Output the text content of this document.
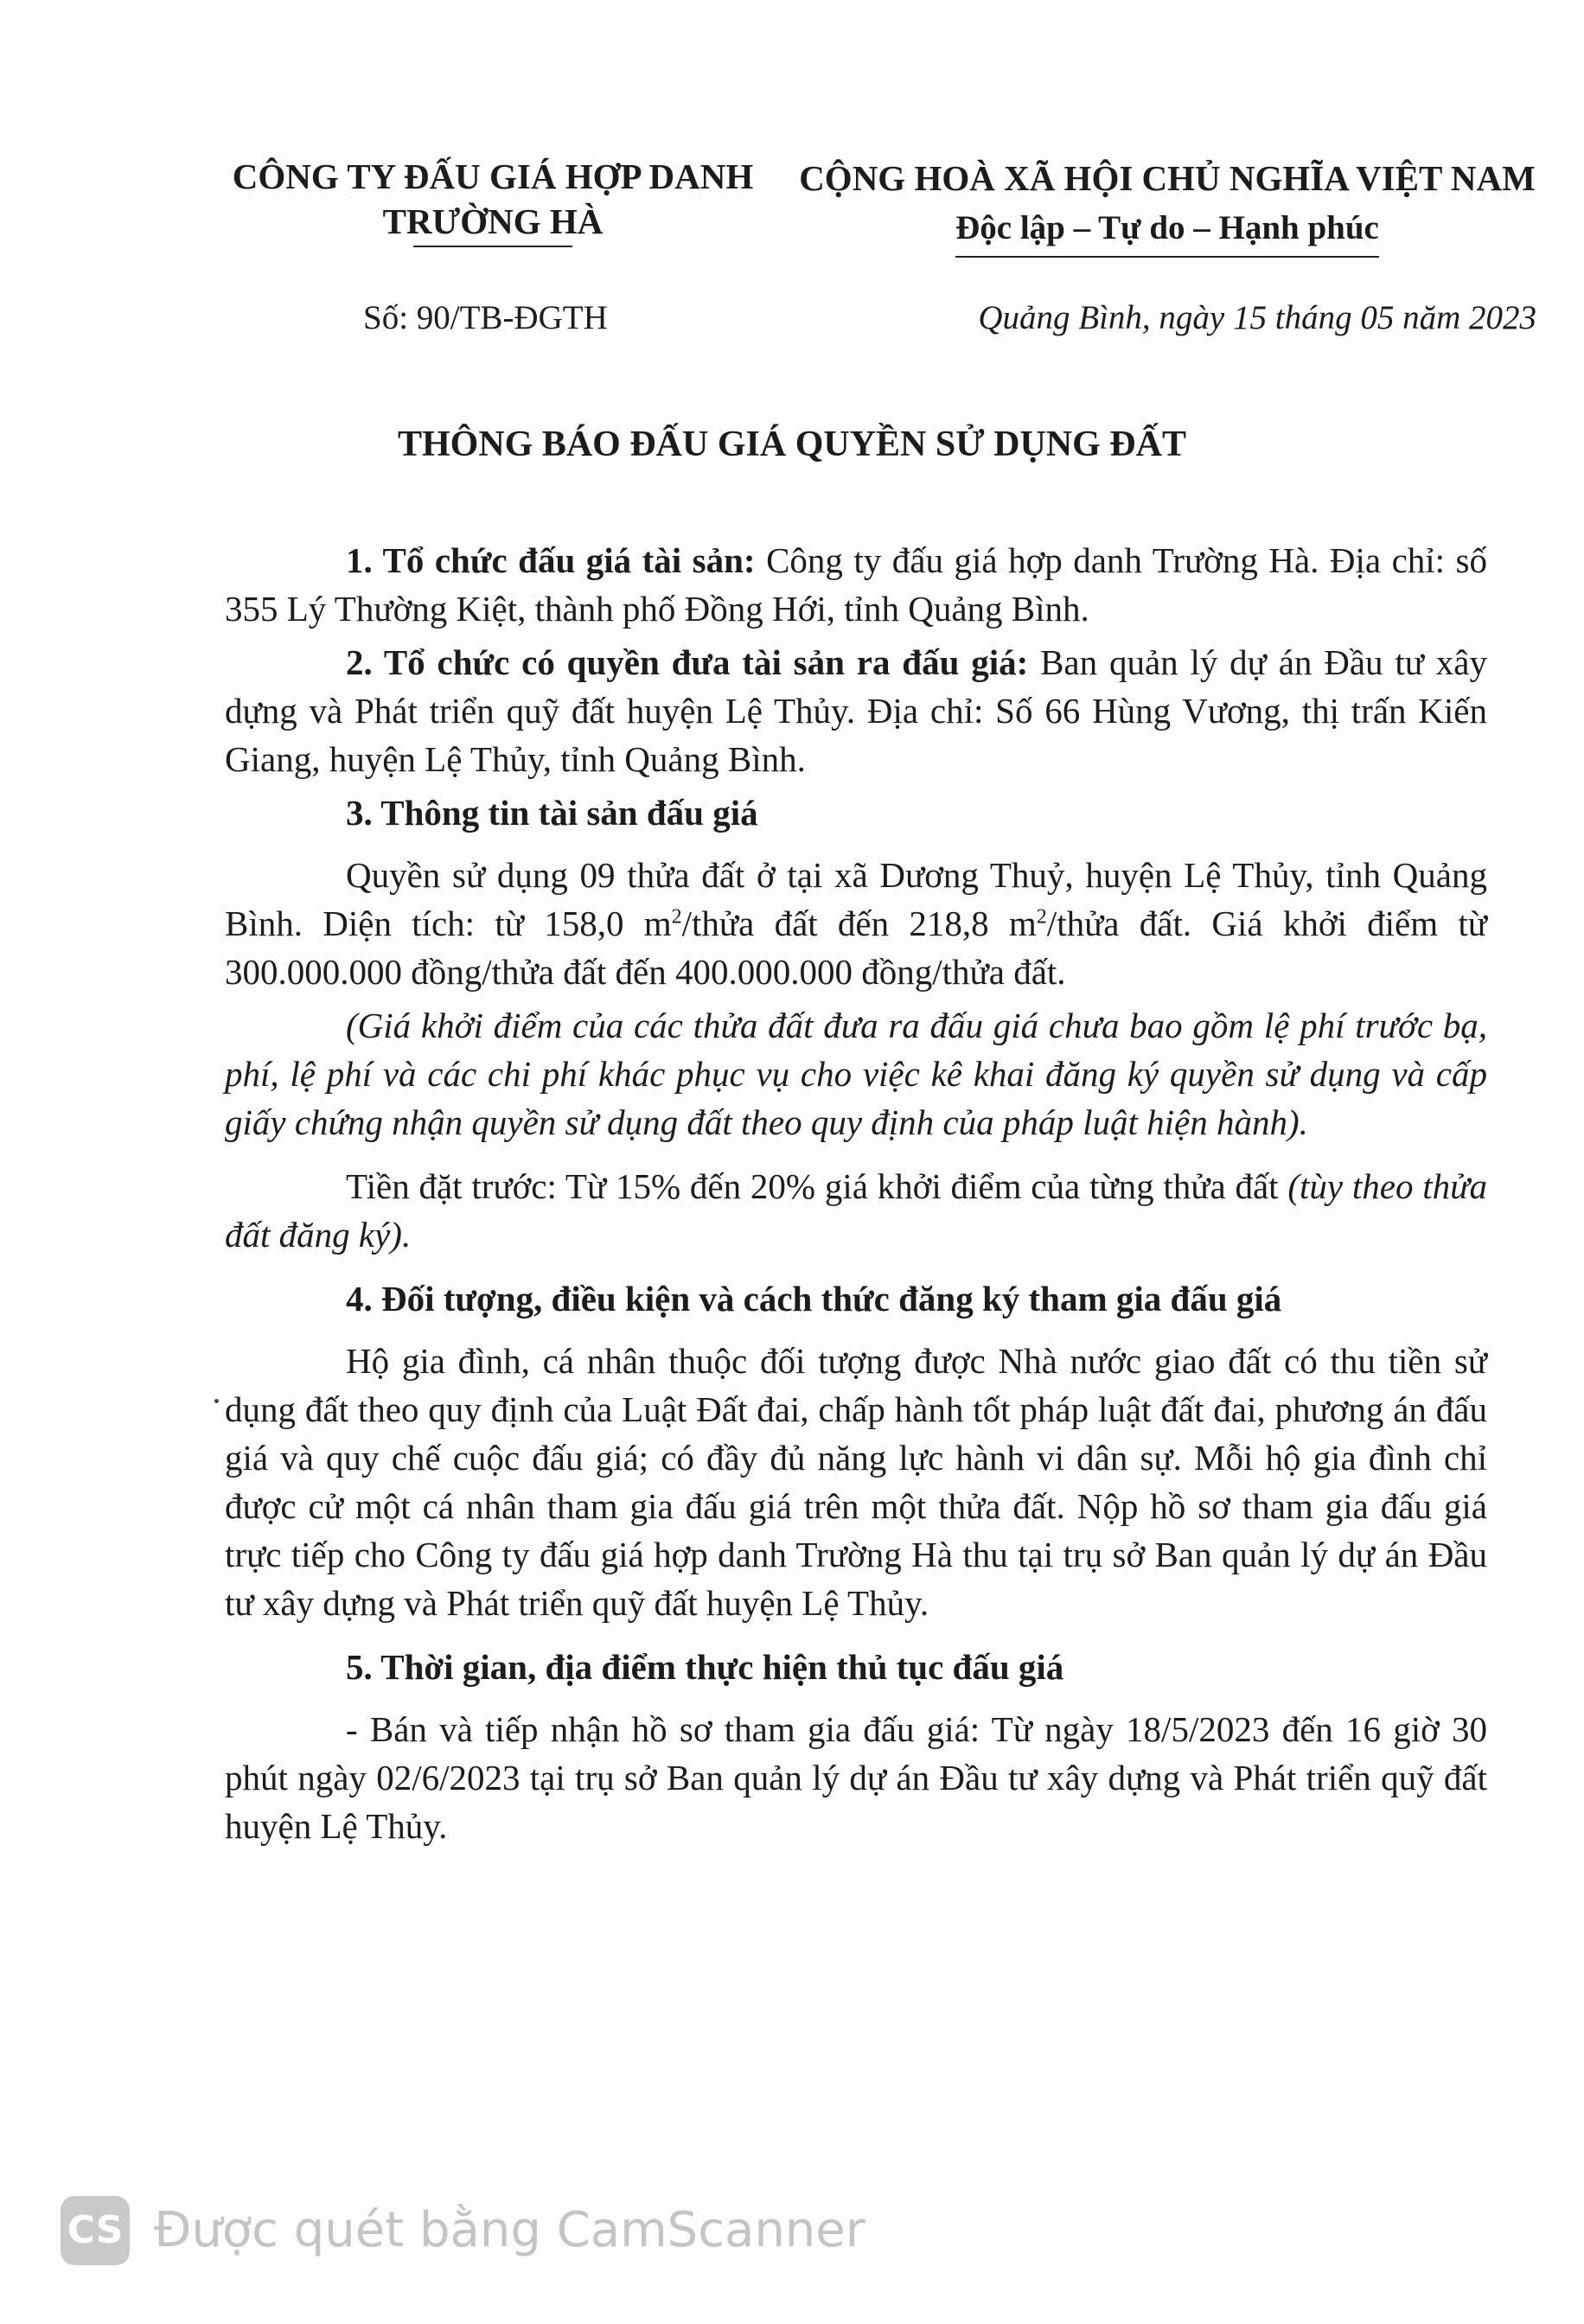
CÔNG TY ĐẤU GIÁ HỢP DANH
TRƯỜNG HÀ
CỘNG HOÀ XÃ HỘI CHỦ NGHĨA VIỆT NAM
Độc lập – Tự do – Hạnh phúc
Số: 90/TB-ĐGTH	Quảng Bình, ngày 15 tháng 05 năm 2023
THÔNG BÁO ĐẤU GIÁ QUYỀN SỬ DỤNG ĐẤT

1. Tổ chức đấu giá tài sản: Công ty đấu giá hợp danh Trường Hà. Địa chỉ: số 355 Lý Thường Kiệt, thành phố Đồng Hới, tỉnh Quảng Bình.

2. Tổ chức có quyền đưa tài sản ra đấu giá: Ban quản lý dự án Đầu tư xây dựng và Phát triển quỹ đất huyện Lệ Thủy. Địa chỉ: Số 66 Hùng Vương, thị trấn Kiến Giang, huyện Lệ Thủy, tỉnh Quảng Bình.

3. Thông tin tài sản đấu giá

Quyền sử dụng 09 thửa đất ở tại xã Dương Thuỷ, huyện Lệ Thủy, tỉnh Quảng Bình. Diện tích: từ 158,0 $m^2$/thửa đất đến 218,8 $m^2$/thửa đất. Giá khởi điểm từ 300.000.000 đồng/thửa đất đến 400.000.000 đồng/thửa đất.

(Giá khởi điểm của các thửa đất đưa ra đấu giá chưa bao gồm lệ phí trước bạ, phí, lệ phí và các chi phí khác phục vụ cho việc kê khai đăng ký quyền sử dụng và cấp giấy chứng nhận quyền sử dụng đất theo quy định của pháp luật hiện hành).

Tiền đặt trước: Từ 15% đến 20% giá khởi điểm của từng thửa đất (tùy theo thửa đất đăng ký).

4. Đối tượng, điều kiện và cách thức đăng ký tham gia đấu giá

Hộ gia đình, cá nhân thuộc đối tượng được Nhà nước giao đất có thu tiền sử dụng đất theo quy định của Luật Đất đai, chấp hành tốt pháp luật đất đai, phương án đấu giá và quy chế cuộc đấu giá; có đầy đủ năng lực hành vi dân sự. Mỗi hộ gia đình chỉ được cử một cá nhân tham gia đấu giá trên một thửa đất. Nộp hồ sơ tham gia đấu giá trực tiếp cho Công ty đấu giá hợp danh Trường Hà thu tại trụ sở Ban quản lý dự án Đầu tư xây dựng và Phát triển quỹ đất huyện Lệ Thủy.

5. Thời gian, địa điểm thực hiện thủ tục đấu giá

- Bán và tiếp nhận hồ sơ tham gia đấu giá: Từ ngày 18/5/2023 đến 16 giờ 30 phút ngày 02/6/2023 tại trụ sở Ban quản lý dự án Đầu tư xây dựng và Phát triển quỹ đất huyện Lệ Thủy.

CS Được quét bằng CamScanner
